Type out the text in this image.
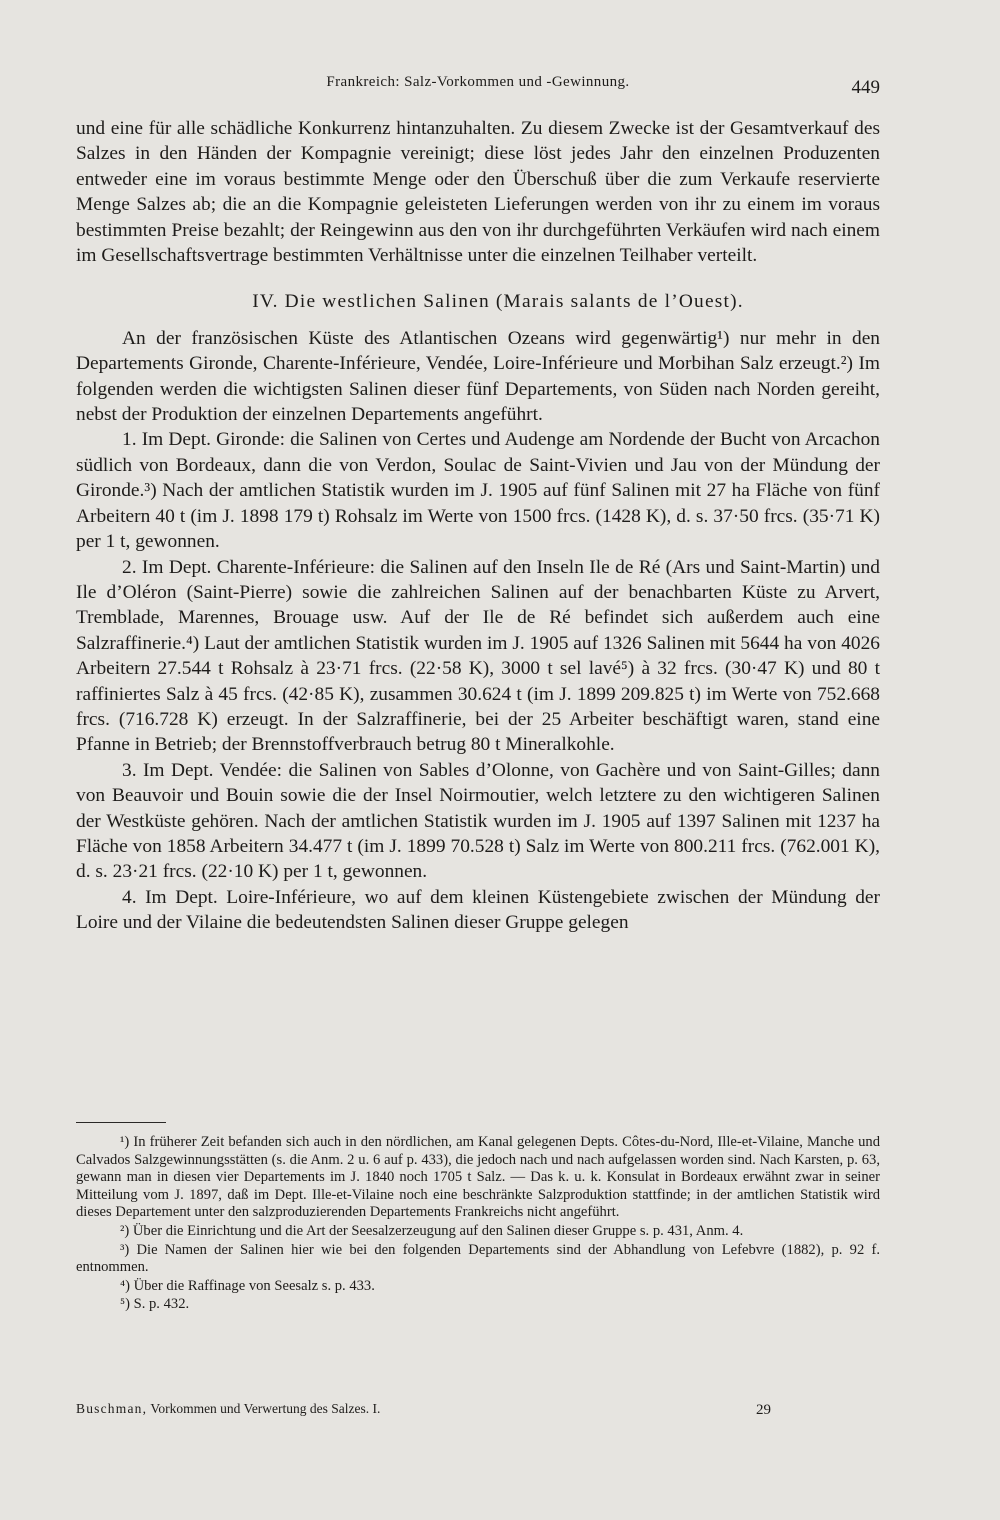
Frankreich: Salz-Vorkommen und -Gewinnung.	449

und eine für alle schädliche Konkurrenz hintanzuhalten. Zu diesem Zwecke ist der Gesamtverkauf des Salzes in den Händen der Kompagnie vereinigt; diese löst jedes Jahr den einzelnen Produzenten entweder eine im voraus bestimmte Menge oder den Überschuß über die zum Verkaufe reservierte Menge Salzes ab; die an die Kompagnie geleisteten Lieferungen werden von ihr zu einem im voraus bestimmten Preise bezahlt; der Reingewinn aus den von ihr durchgeführten Verkäufen wird nach einem im Gesellschaftsvertrage bestimmten Verhältnisse unter die einzelnen Teilhaber verteilt.

IV. Die westlichen Salinen (Marais salants de l’Ouest).

An der französischen Küste des Atlantischen Ozeans wird gegenwärtig¹) nur mehr in den Departements Gironde, Charente-Inférieure, Vendée, Loire-Inférieure und Morbihan Salz erzeugt.²) Im folgenden werden die wichtigsten Salinen dieser fünf Departements, von Süden nach Norden gereiht, nebst der Produktion der einzelnen Departements angeführt.

1. Im Dept. Gironde: die Salinen von Certes und Audenge am Nordende der Bucht von Arcachon südlich von Bordeaux, dann die von Verdon, Soulac de Saint-Vivien und Jau von der Mündung der Gironde.³) Nach der amtlichen Statistik wurden im J. 1905 auf fünf Salinen mit 27 ha Fläche von fünf Arbeitern 40 t (im J. 1898 179 t) Rohsalz im Werte von 1500 frcs. (1428 K), d. s. 37·50 frcs. (35·71 K) per 1 t, gewonnen.

2. Im Dept. Charente-Inférieure: die Salinen auf den Inseln Ile de Ré (Ars und Saint-Martin) und Ile d’Oléron (Saint-Pierre) sowie die zahlreichen Salinen auf der benachbarten Küste zu Arvert, Tremblade, Marennes, Brouage usw. Auf der Ile de Ré befindet sich außerdem auch eine Salzraffinerie.⁴) Laut der amtlichen Statistik wurden im J. 1905 auf 1326 Salinen mit 5644 ha von 4026 Arbeitern 27.544 t Rohsalz à 23·71 frcs. (22·58 K), 3000 t sel lavé⁵) à 32 frcs. (30·47 K) und 80 t raffiniertes Salz à 45 frcs. (42·85 K), zusammen 30.624 t (im J. 1899 209.825 t) im Werte von 752.668 frcs. (716.728 K) erzeugt. In der Salzraffinerie, bei der 25 Arbeiter beschäftigt waren, stand eine Pfanne in Betrieb; der Brennstoffverbrauch betrug 80 t Mineralkohle.

3. Im Dept. Vendée: die Salinen von Sables d’Olonne, von Gachère und von Saint-Gilles; dann von Beauvoir und Bouin sowie die der Insel Noirmoutier, welch letztere zu den wichtigeren Salinen der Westküste gehören. Nach der amtlichen Statistik wurden im J. 1905 auf 1397 Salinen mit 1237 ha Fläche von 1858 Arbeitern 34.477 t (im J. 1899 70.528 t) Salz im Werte von 800.211 frcs. (762.001 K), d. s. 23·21 frcs. (22·10 K) per 1 t, gewonnen.

4. Im Dept. Loire-Inférieure, wo auf dem kleinen Küstengebiete zwischen der Mündung der Loire und der Vilaine die bedeutendsten Salinen dieser Gruppe gelegen

¹) In früherer Zeit befanden sich auch in den nördlichen, am Kanal gelegenen Depts. Côtes-du-Nord, Ille-et-Vilaine, Manche und Calvados Salzgewinnungsstätten (s. die Anm. 2 u. 6 auf p. 433), die jedoch nach und nach aufgelassen worden sind. Nach Karsten, p. 63, gewann man in diesen vier Departements im J. 1840 noch 1705 t Salz. — Das k. u. k. Konsulat in Bordeaux erwähnt zwar in seiner Mitteilung vom J. 1897, daß im Dept. Ille-et-Vilaine noch eine beschränkte Salzproduktion stattfinde; in der amtlichen Statistik wird dieses Departement unter den salzproduzierenden Departements Frankreichs nicht angeführt.

²) Über die Einrichtung und die Art der Seesalzerzeugung auf den Salinen dieser Gruppe s. p. 431, Anm. 4.

³) Die Namen der Salinen hier wie bei den folgenden Departements sind der Abhandlung von Lefebvre (1882), p. 92 f. entnommen.

⁴) Über die Raffinage von Seesalz s. p. 433.

⁵) S. p. 432.

Buschman, Vorkommen und Verwertung des Salzes. I.	29
